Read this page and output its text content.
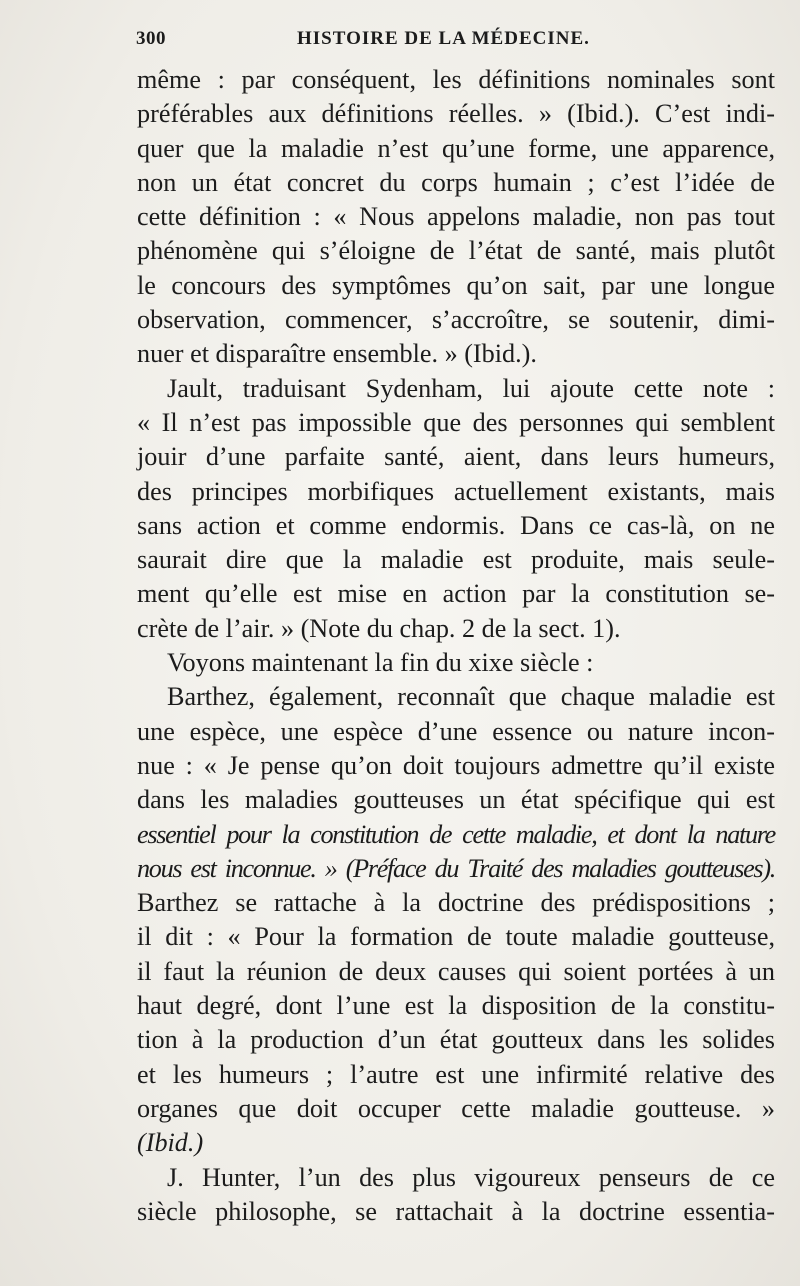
300	HISTOIRE DE LA MÉDECINE.
même : par conséquent, les définitions nominales sont
préférables aux définitions réelles. » (Ibid.). C’est indi-
quer que la maladie n’est qu’une forme, une apparence,
non un état concret du corps humain ; c’est l’idée de
cette définition : « Nous appelons maladie, non pas tout
phénomène qui s’éloigne de l’état de santé, mais plutôt
le concours des symptômes qu’on sait, par une longue
observation, commencer, s’accroître, se soutenir, dimi-
nuer et disparaître ensemble. » (Ibid.).
Jault, traduisant Sydenham, lui ajoute cette note :
« Il n’est pas impossible que des personnes qui semblent
jouir d’une parfaite santé, aient, dans leurs humeurs,
des principes morbifiques actuellement existants, mais
sans action et comme endormis. Dans ce cas-là, on ne
saurait dire que la maladie est produite, mais seule-
ment qu’elle est mise en action par la constitution se-
crète de l’air. » (Note du chap. 2 de la sect. 1).
Voyons maintenant la fin du xixe siècle :
Barthez, également, reconnaît que chaque maladie est
une espèce, une espèce d’une essence ou nature incon-
nue : « Je pense qu’on doit toujours admettre qu’il existe
dans les maladies goutteuses un état spécifique qui est
essentiel pour la constitution de cette maladie, et dont la nature
nous est inconnue. » (Préface du Traité des maladies goutteuses).
Barthez se rattache à la doctrine des prédispositions ;
il dit : « Pour la formation de toute maladie goutteuse,
il faut la réunion de deux causes qui soient portées à un
haut degré, dont l’une est la disposition de la constitu-
tion à la production d’un état goutteux dans les solides
et les humeurs ; l’autre est une infirmité relative des
organes que doit occuper cette maladie goutteuse. »
(Ibid.)
J. Hunter, l’un des plus vigoureux penseurs de ce
siècle philosophe, se rattachait à la doctrine essentia-
